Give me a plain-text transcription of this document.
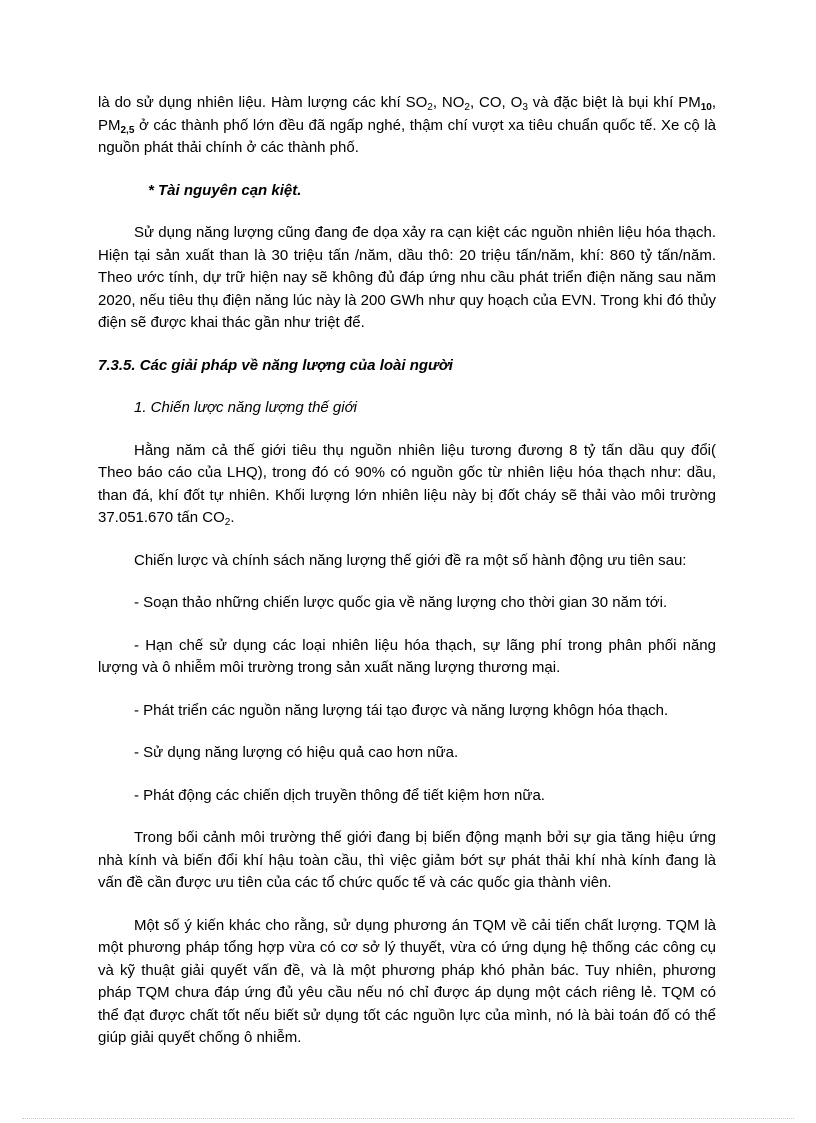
là do sử dụng nhiên liệu. Hàm lượng các khí $SO_2$, $NO_2$, CO, $O_3$ và đặc biệt là bụi khí $PM_{10}$, $PM_{2,5}$ ở các thành phố lớn đều đã ngấp nghé, thậm chí vượt xa tiêu chuẩn quốc tế. Xe cộ là nguồn phát thải chính ở các thành phố.

* Tài nguyên cạn kiệt.

Sử dụng năng lượng cũng đang đe dọa xảy ra cạn kiệt các nguồn nhiên liệu hóa thạch. Hiện tại sản xuất than là 30 triệu tấn /năm, dầu thô: 20 triệu tấn/năm, khí: 860 tỷ tấn/năm. Theo ước tính, dự trữ hiện nay sẽ không đủ đáp ứng nhu cầu phát triển điện năng sau năm 2020, nếu tiêu thụ điện năng lúc này là 200 GWh như quy hoạch của EVN. Trong khi đó thủy điện sẽ được khai thác gần như triệt để.

7.3.5. Các giải pháp về năng lượng của loài người

1. Chiến lược năng lượng thế giới

Hằng năm cả thế giới tiêu thụ nguồn nhiên liệu tương đương 8 tỷ tấn dầu quy đổi( Theo báo cáo của LHQ), trong đó có 90% có nguồn gốc từ nhiên liệu hóa thạch như: dầu, than đá, khí đốt tự nhiên. Khối lượng lớn nhiên liệu này bị đốt cháy sẽ thải vào môi trường 37.051.670 tấn $CO_2$.

Chiến lược và chính sách năng lượng thế giới đề ra một số hành động ưu tiên sau:

- Soạn thảo những chiến lược quốc gia về năng lượng cho thời gian 30 năm tới.

- Hạn chế sử dụng các loại nhiên liệu hóa thạch, sự lãng phí trong phân phối năng lượng và ô nhiễm môi trường trong sản xuất năng lượng thương mại.

- Phát triển các nguồn năng lượng tái tạo được và năng lượng khôgn hóa thạch.

- Sử dụng năng lượng có hiệu quả cao hơn nữa.

- Phát động các chiến dịch truyền thông để tiết kiệm hơn nữa.

Trong bối cảnh môi trường thế giới đang bị biến động mạnh bởi sự gia tăng hiệu ứng nhà kính và biến đổi khí hậu toàn cầu, thì việc giảm bớt sự phát thải khí nhà kính đang là vấn đề cần được ưu tiên của các tổ chức quốc tế và các quốc gia thành viên.

Một số ý kiến khác cho rằng, sử dụng phương án TQM về cải tiến chất lượng. TQM là một phương pháp tổng hợp vừa có cơ sở lý thuyết, vừa có ứng dụng hệ thống các công cụ và kỹ thuật giải quyết vấn đề, và là một phương pháp khó phản bác. Tuy nhiên, phương pháp TQM chưa đáp ứng đủ yêu cầu nếu nó chỉ được áp dụng một cách riêng lẻ. TQM có thể đạt được chất tốt nếu biết sử dụng tốt các nguồn lực của mình, nó là bài toán đố có thể giúp giải quyết chống ô nhiễm.
